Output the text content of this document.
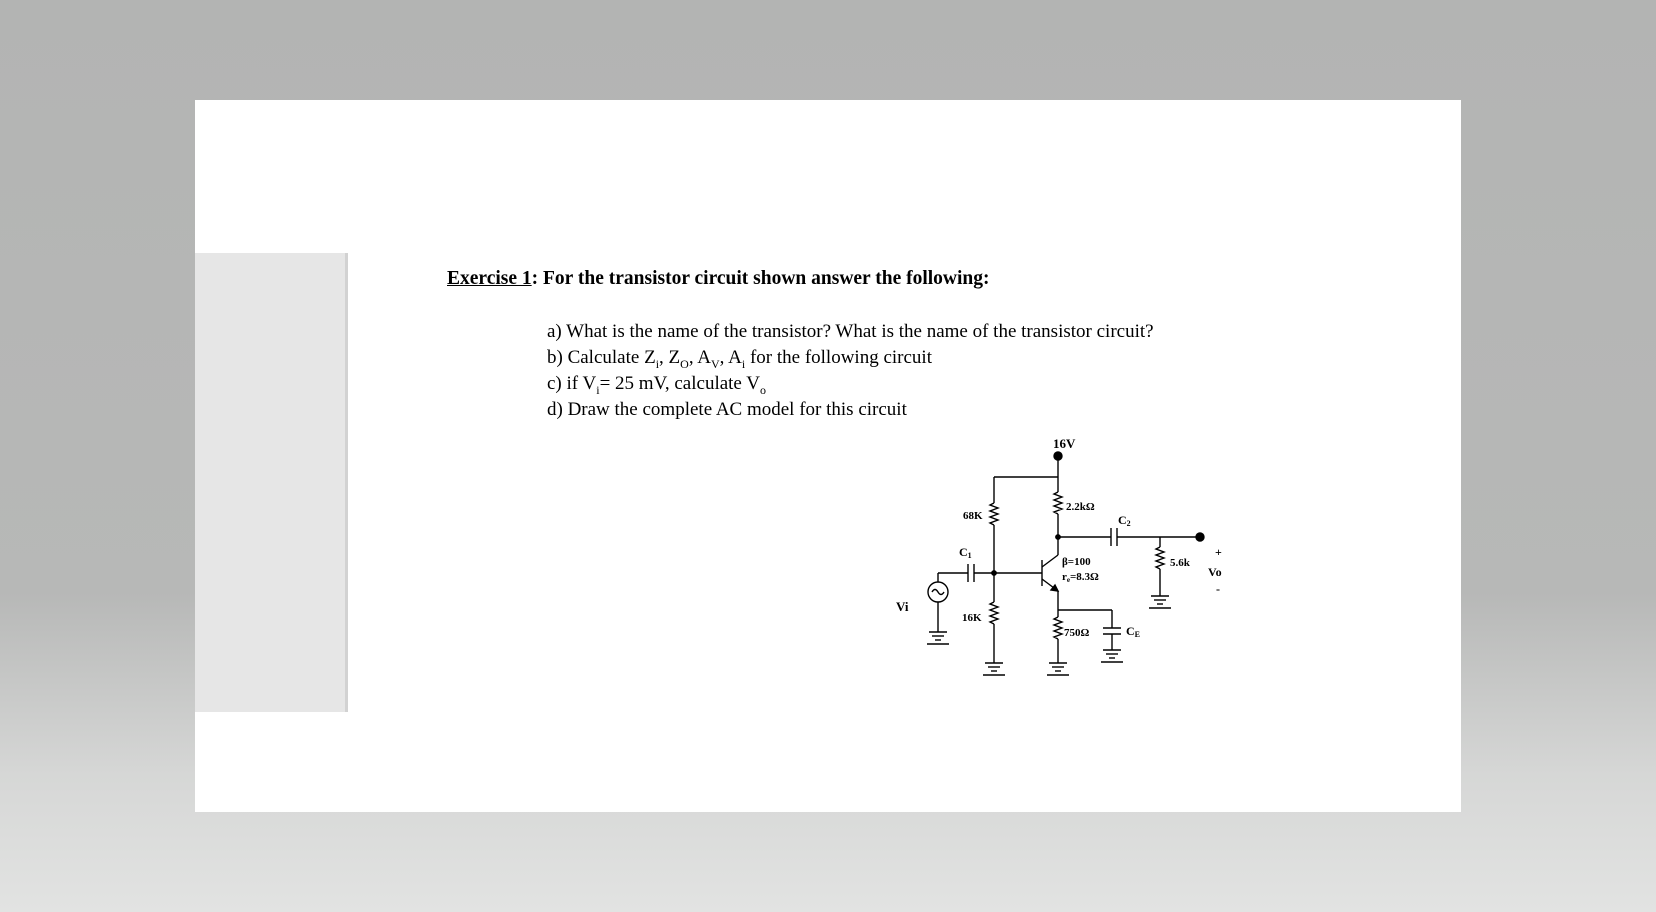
Exercise 1: For the transistor circuit shown answer the following:
a) What is the name of the transistor? What is the name of the transistor circuit?
b) Calculate $Z_i$, $Z_O$, $A_V$, $A_i$ for the following circuit
c) if $V_i= 25$ mV, calculate $V_o$
d) Draw the complete AC model for this circuit
16V
68K
16K
2.2kΩ
C2
C1
β=100
re=8.3Ω
5.6k
+
Vo
-
Vi
750Ω	CE
